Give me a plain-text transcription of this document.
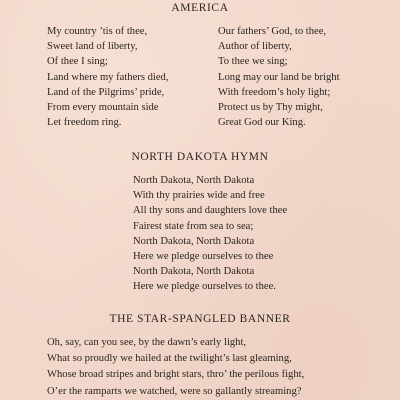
AMERICA
My country ’tis of thee,
Sweet land of liberty,
Of thee I sing;
Land where my fathers died,
Land of the Pilgrims’ pride,
From every mountain side
Let freedom ring.
Our fathers’ God, to thee,
Author of liberty,
To thee we sing;
Long may our land be bright
With freedom’s holy light;
Protect us by Thy might,
Great God our King.
NORTH DAKOTA HYMN
North Dakota, North Dakota
With thy prairies wide and free
All thy sons and daughters love thee
Fairest state from sea to sea;
North Dakota, North Dakota
Here we pledge ourselves to thee
North Dakota, North Dakota
Here we pledge ourselves to thee.
THE STAR-SPANGLED BANNER
Oh, say, can you see, by the dawn’s early light,
What so proudly we hailed at the twilight’s last gleaming,
Whose broad stripes and bright stars, thro’ the perilous fight,
O’er the ramparts we watched, were so gallantly streaming?
